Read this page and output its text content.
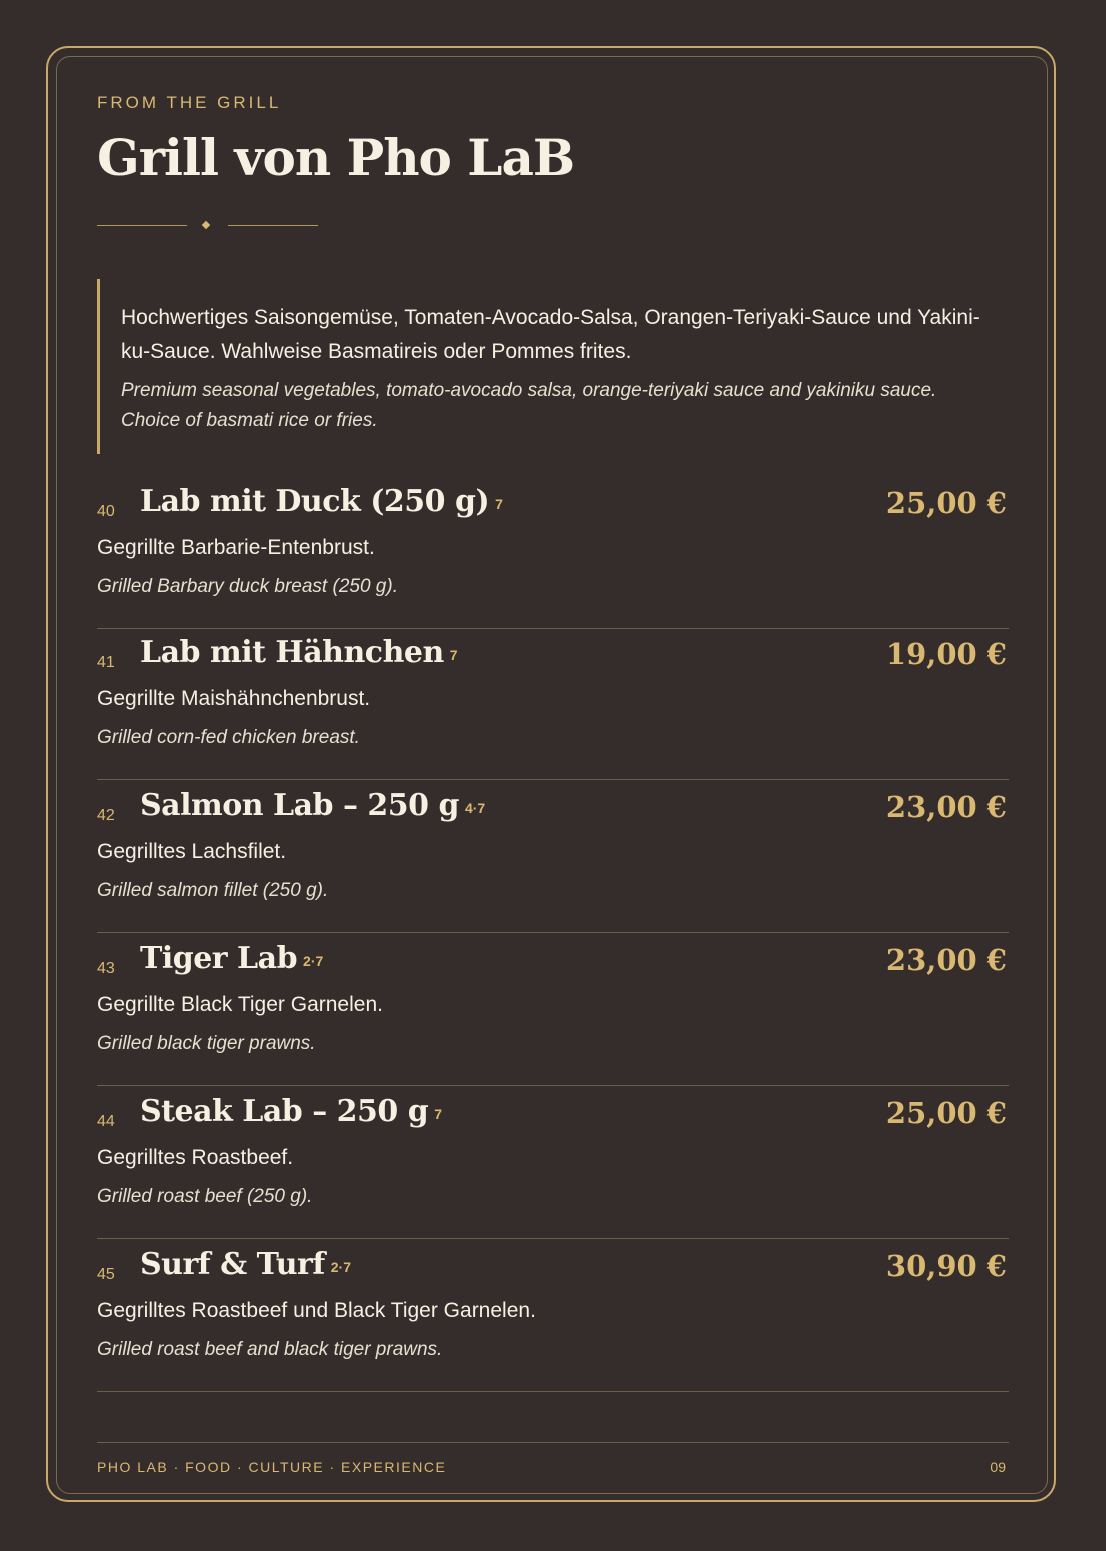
FROM THE GRILL

Grill von Pho LaB

Hochwertiges Saisongemüse, Tomaten-Avocado-Salsa, Orangen-Teriyaki-Sauce und Yakini-ku-Sauce. Wahlweise Basmatireis oder Pommes frites.

Premium seasonal vegetables, tomato-avocado salsa, orange-teriyaki sauce and yakiniku sauce. Choice of basmati rice or fries.

40 Lab mit Duck (250 g) 7	25,00 €
Gegrillte Barbarie-Entenbrust.
Grilled Barbary duck breast (250 g).
41 Lab mit Hähnchen 7	19,00 €
Gegrillte Maishähnchenbrust.
Grilled corn-fed chicken breast.
42 Salmon Lab – 250 g 4·7	23,00 €
Gegrilltes Lachsfilet.
Grilled salmon fillet (250 g).
43 Tiger Lab 2·7	23,00 €
Gegrillte Black Tiger Garnelen.
Grilled black tiger prawns.
44 Steak Lab – 250 g 7	25,00 €
Gegrilltes Roastbeef.
Grilled roast beef (250 g).
45 Surf & Turf 2·7	30,90 €
Gegrilltes Roastbeef und Black Tiger Garnelen.
Grilled roast beef and black tiger prawns.
PHO LAB · FOOD · CULTURE · EXPERIENCE	09
